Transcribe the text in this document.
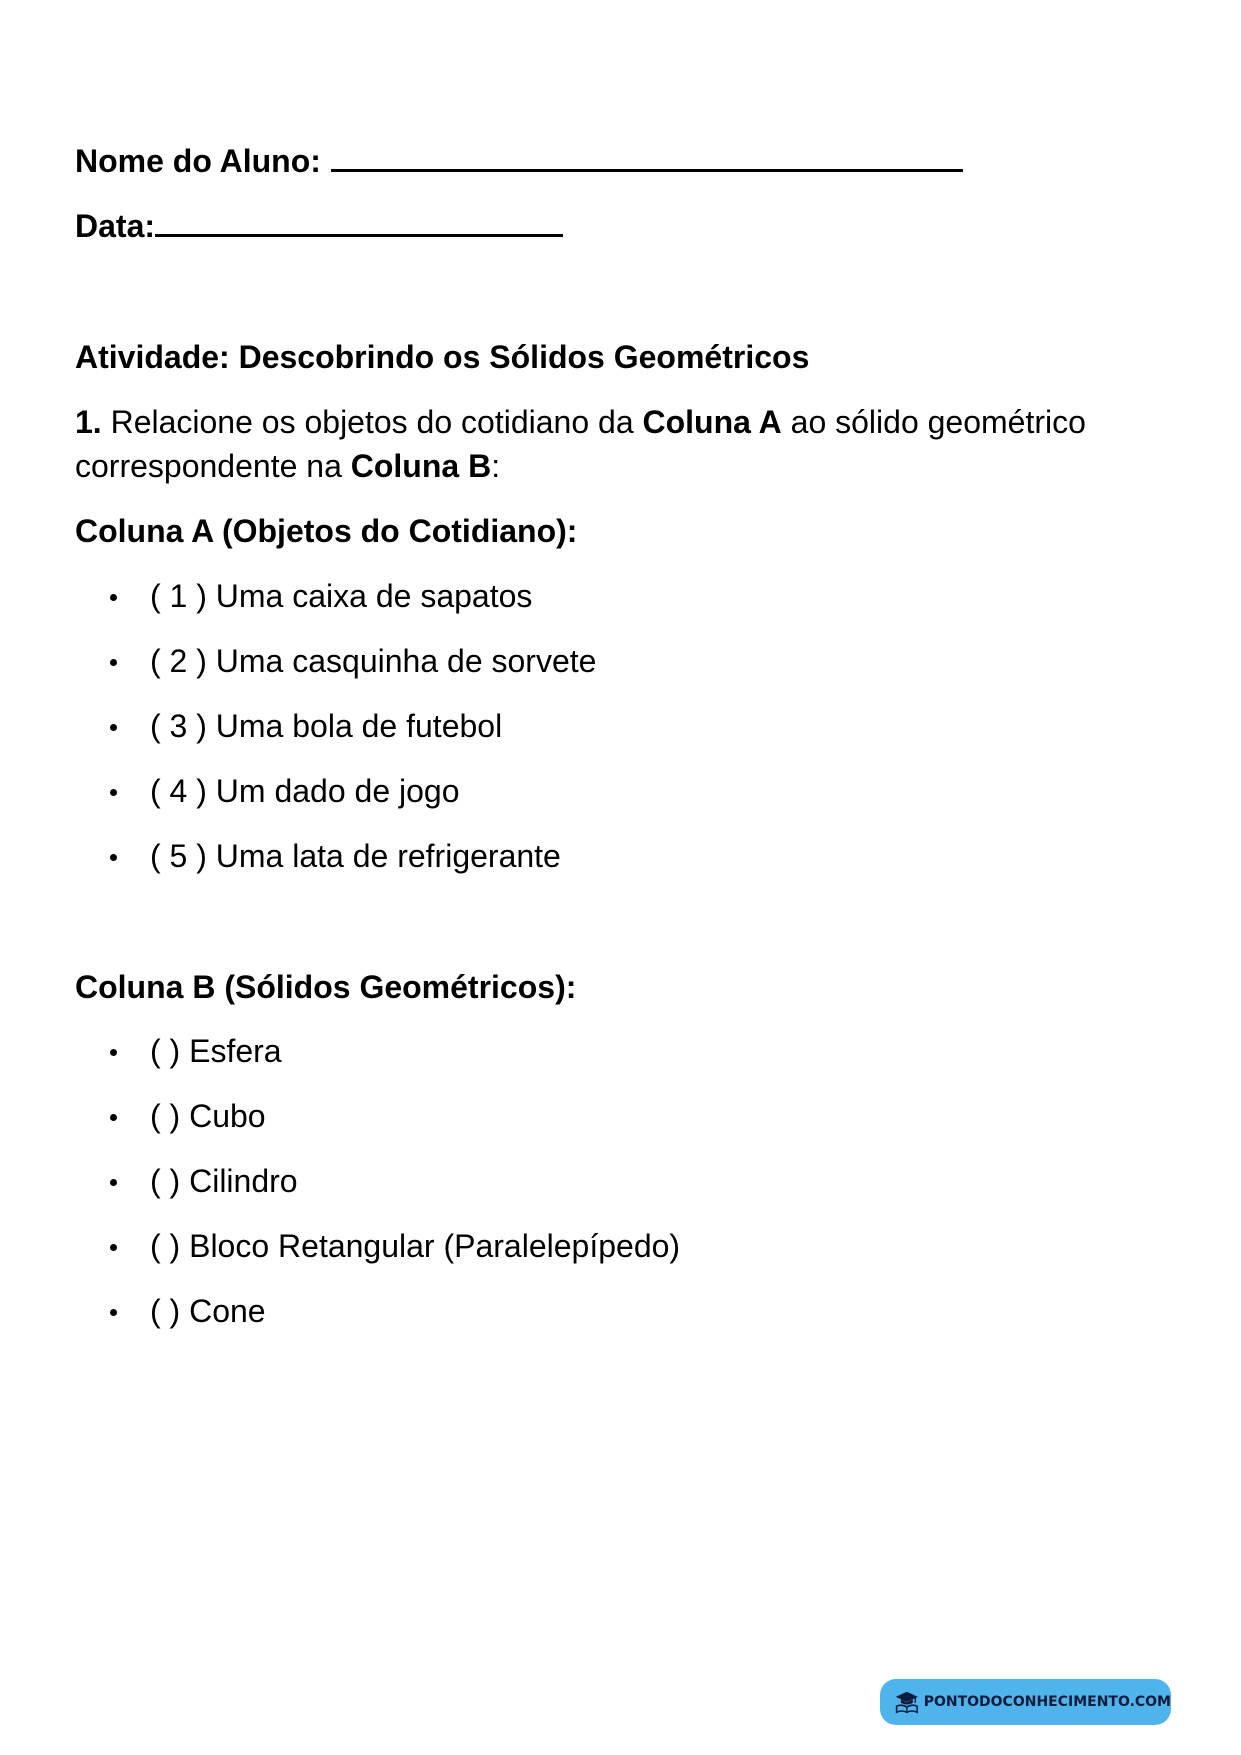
Nome do Aluno:
Data:
Atividade: Descobrindo os Sólidos Geométricos
1. Relacione os objetos do cotidiano da Coluna A ao sólido geométrico correspondente na Coluna B:
Coluna A (Objetos do Cotidiano):
( 1 ) Uma caixa de sapatos
( 2 ) Uma casquinha de sorvete
( 3 ) Uma bola de futebol
( 4 ) Um dado de jogo
( 5 ) Uma lata de refrigerante
Coluna B (Sólidos Geométricos):
( ) Esfera
( ) Cubo
( ) Cilindro
( ) Bloco Retangular (Paralelepípedo)
( ) Cone
PONTODOCONHECIMENTO.COM
